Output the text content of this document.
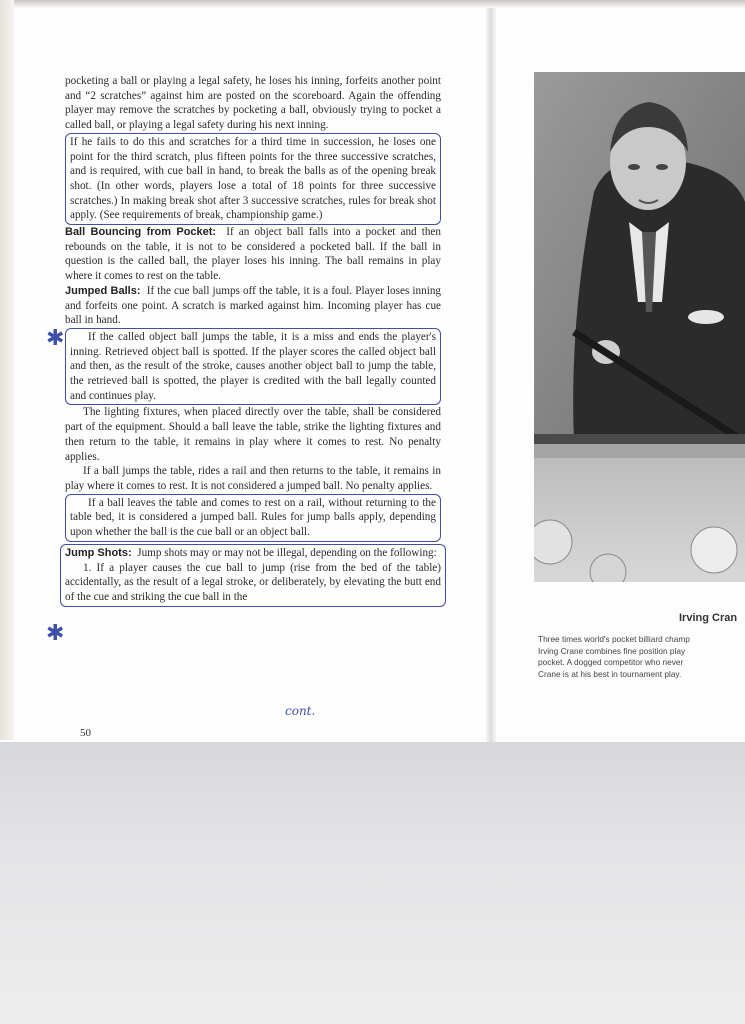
pocketing a ball or playing a legal safety, he loses his inning, forfeits another point and “2 scratches” against him are posted on the scoreboard. Again the offending player may remove the scratches by pocketing a ball, obviously trying to pocket a called ball, or playing a legal safety during his next inning.

If he fails to do this and scratches for a third time in succession, he loses one point for the third scratch, plus fifteen points for the three successive scratches, and is required, with cue ball in hand, to break the balls as of the opening break shot. (In other words, players lose a total of 18 points for three successive scratches.) In making break shot after 3 successive scratches, rules for break shot apply. (See requirements of break, championship game.)

Ball Bouncing from Pocket: If an object ball falls into a pocket and then rebounds on the table, it is not to be considered a pocketed ball. If the ball in question is the called ball, the player loses his inning. The ball remains in play where it comes to rest on the table.

Jumped Balls: If the cue ball jumps off the table, it is a foul. Player loses inning and forfeits one point. A scratch is marked against him. Incoming player has cue ball in hand.

If the called object ball jumps the table, it is a miss and ends the player's inning. Retrieved object ball is spotted. If the player scores the called object ball and then, as the result of the stroke, causes another object ball to jump the table, the retrieved ball is spotted, the player is credited with the ball legally counted and continues play.

The lighting fixtures, when placed directly over the table, shall be considered part of the equipment. Should a ball leave the table, strike the lighting fixtures and then return to the table, it remains in play where it comes to rest. No penalty applies.

If a ball jumps the table, rides a rail and then returns to the table, it remains in play where it comes to rest. It is not considered a jumped ball. No penalty applies.

If a ball leaves the table and comes to rest on a rail, without returning to the table bed, it is considered a jumped ball. Rules for jump balls apply, depending upon whether the ball is the cue ball or an object ball.

Jump Shots: Jump shots may or may not be illegal, depending on the following:

1. If a player causes the cue ball to jump (rise from the bed of the table) accidentally, as the result of a legal stroke, or deliberately, by elevating the butt end of the cue and striking the cue ball in the

✱
✱
cont.
50
Irving Cran
Three times world's pocket billiard champ
Irving Crane combines fine position play
pocket. A dogged competitor who never
Crane is at his best in tournament play.
